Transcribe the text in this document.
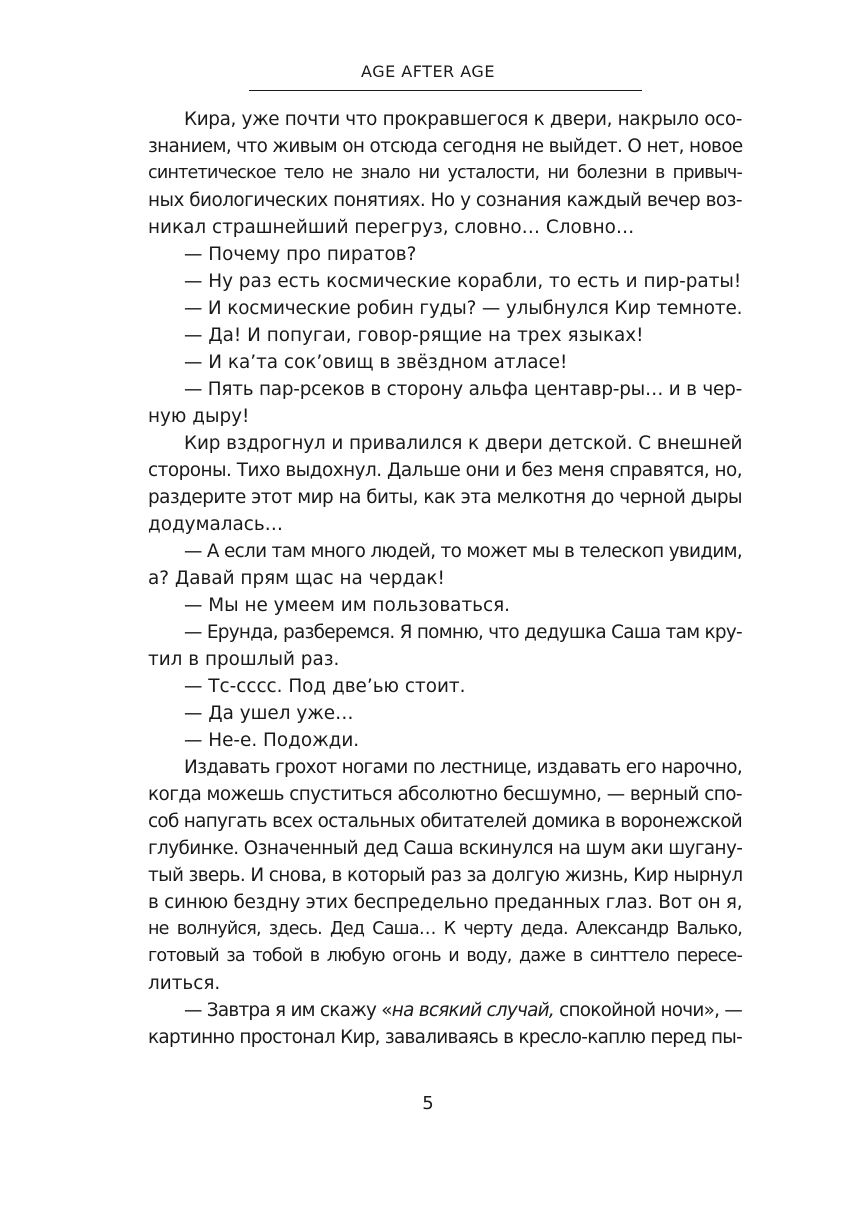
AGE AFTER AGE
Кира, уже почти что прокравшегося к двери, накрыло осо-
знанием, что живым он отсюда сегодня не выйдет. О нет, новое
синтетическое тело не знало ни усталости, ни болезни в привыч-
ных биологических понятиях. Но у сознания каждый вечер воз-
никал страшнейший перегруз, словно… Словно…
— Почему про пиратов?
— Ну раз есть космические корабли, то есть и пир-раты!
— И космические робин гуды? — улыбнулся Кир темноте.
— Да! И попугаи, говор-рящие на трех языках!
— И ка’та сок’овищ в звёздном атласе!
— Пять пар-рсеков в сторону альфа центавр-ры… и в чер-
ную дыру!
Кир вздрогнул и привалился к двери детской. С внешней
стороны. Тихо выдохнул. Дальше они и без меня справятся, но,
раздерите этот мир на биты, как эта мелкотня до черной дыры
додумалась…
— А если там много людей, то может мы в телескоп увидим,
а? Давай прям щас на чердак!
— Мы не умеем им пользоваться.
— Ерунда, разберемся. Я помню, что дедушка Саша там кру-
тил в прошлый раз.
— Тс-сссс. Под две’ью стоит.
— Да ушел уже…
— Не-е. Подожди.
Издавать грохот ногами по лестнице, издавать его нарочно,
когда можешь спуститься абсолютно бесшумно, — верный спо-
соб напугать всех остальных обитателей домика в воронежской
глубинке. Означенный дед Саша вскинулся на шум аки шугану-
тый зверь. И снова, в который раз за долгую жизнь, Кир нырнул
в синюю бездну этих беспредельно преданных глаз. Вот он я,
не волнуйся, здесь. Дед Саша… К черту деда. Александр Валько,
готовый за тобой в любую огонь и воду, даже в синттело пересе-
литься.
— Завтра я им скажу «на всякий случай, спокойной ночи», —
картинно простонал Кир, заваливаясь в кресло-каплю перед пы-
5
